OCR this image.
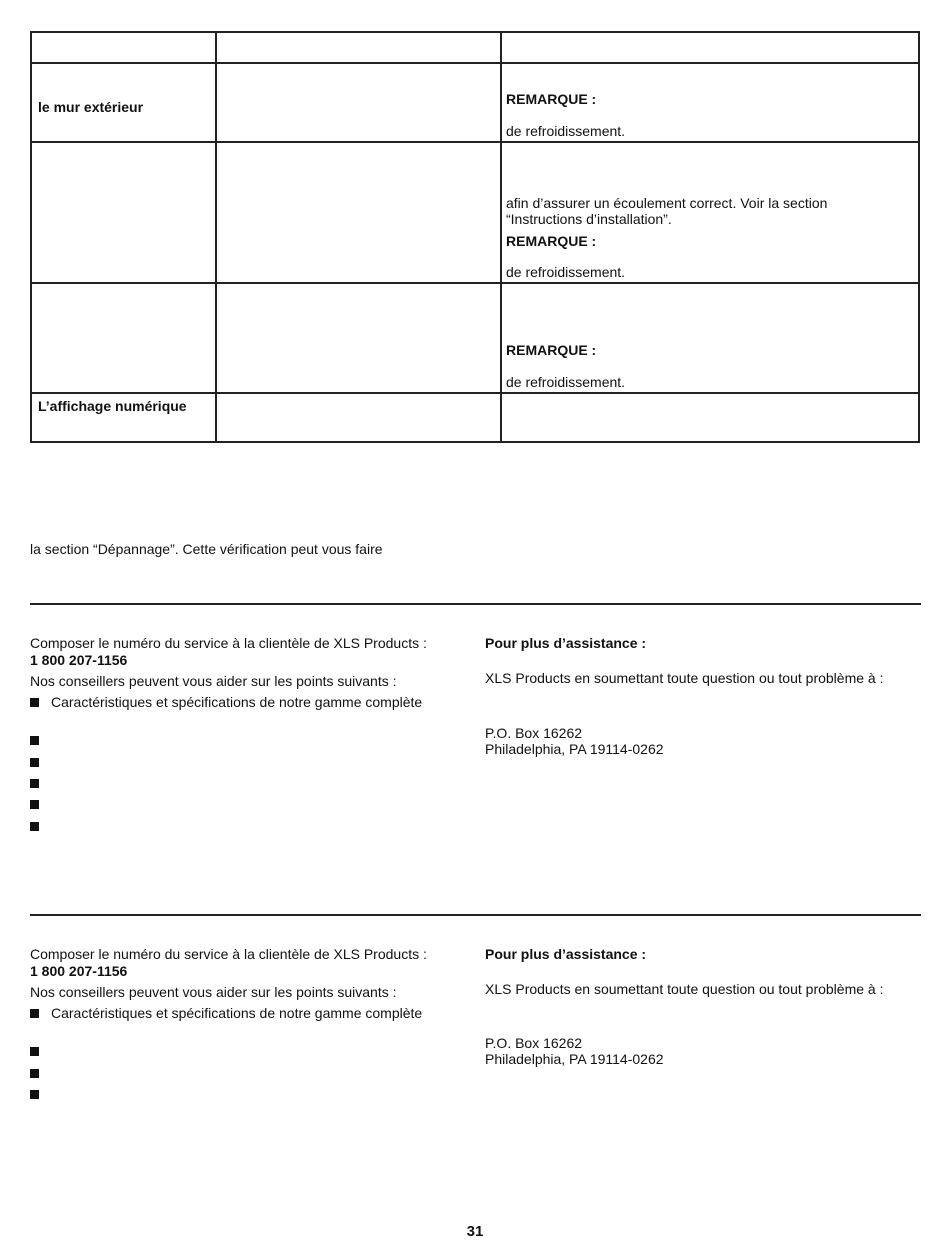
le mur extérieur	REMARQUE :
de refroidissement.
afin d’assurer un écoulement correct. Voir la section
“Instructions d’installation”.
REMARQUE :
de refroidissement.
REMARQUE :
de refroidissement.
L’affichage numérique
la section “Dépannage”. Cette vérification peut vous faire
Composer le numéro du service à la clientèle de XLS Products :
1 800 207-1156
Nos conseillers peuvent vous aider sur les points suivants :
Caractéristiques et spécifications de notre gamme complète
Pour plus d’assistance :
XLS Products en soumettant toute question ou tout problème à :
P.O. Box 16262
Philadelphia, PA 19114-0262
Composer le numéro du service à la clientèle de XLS Products :
1 800 207-1156
Nos conseillers peuvent vous aider sur les points suivants :
Caractéristiques et spécifications de notre gamme complète
Pour plus d’assistance :
XLS Products en soumettant toute question ou tout problème à :
P.O. Box 16262
Philadelphia, PA 19114-0262
31
